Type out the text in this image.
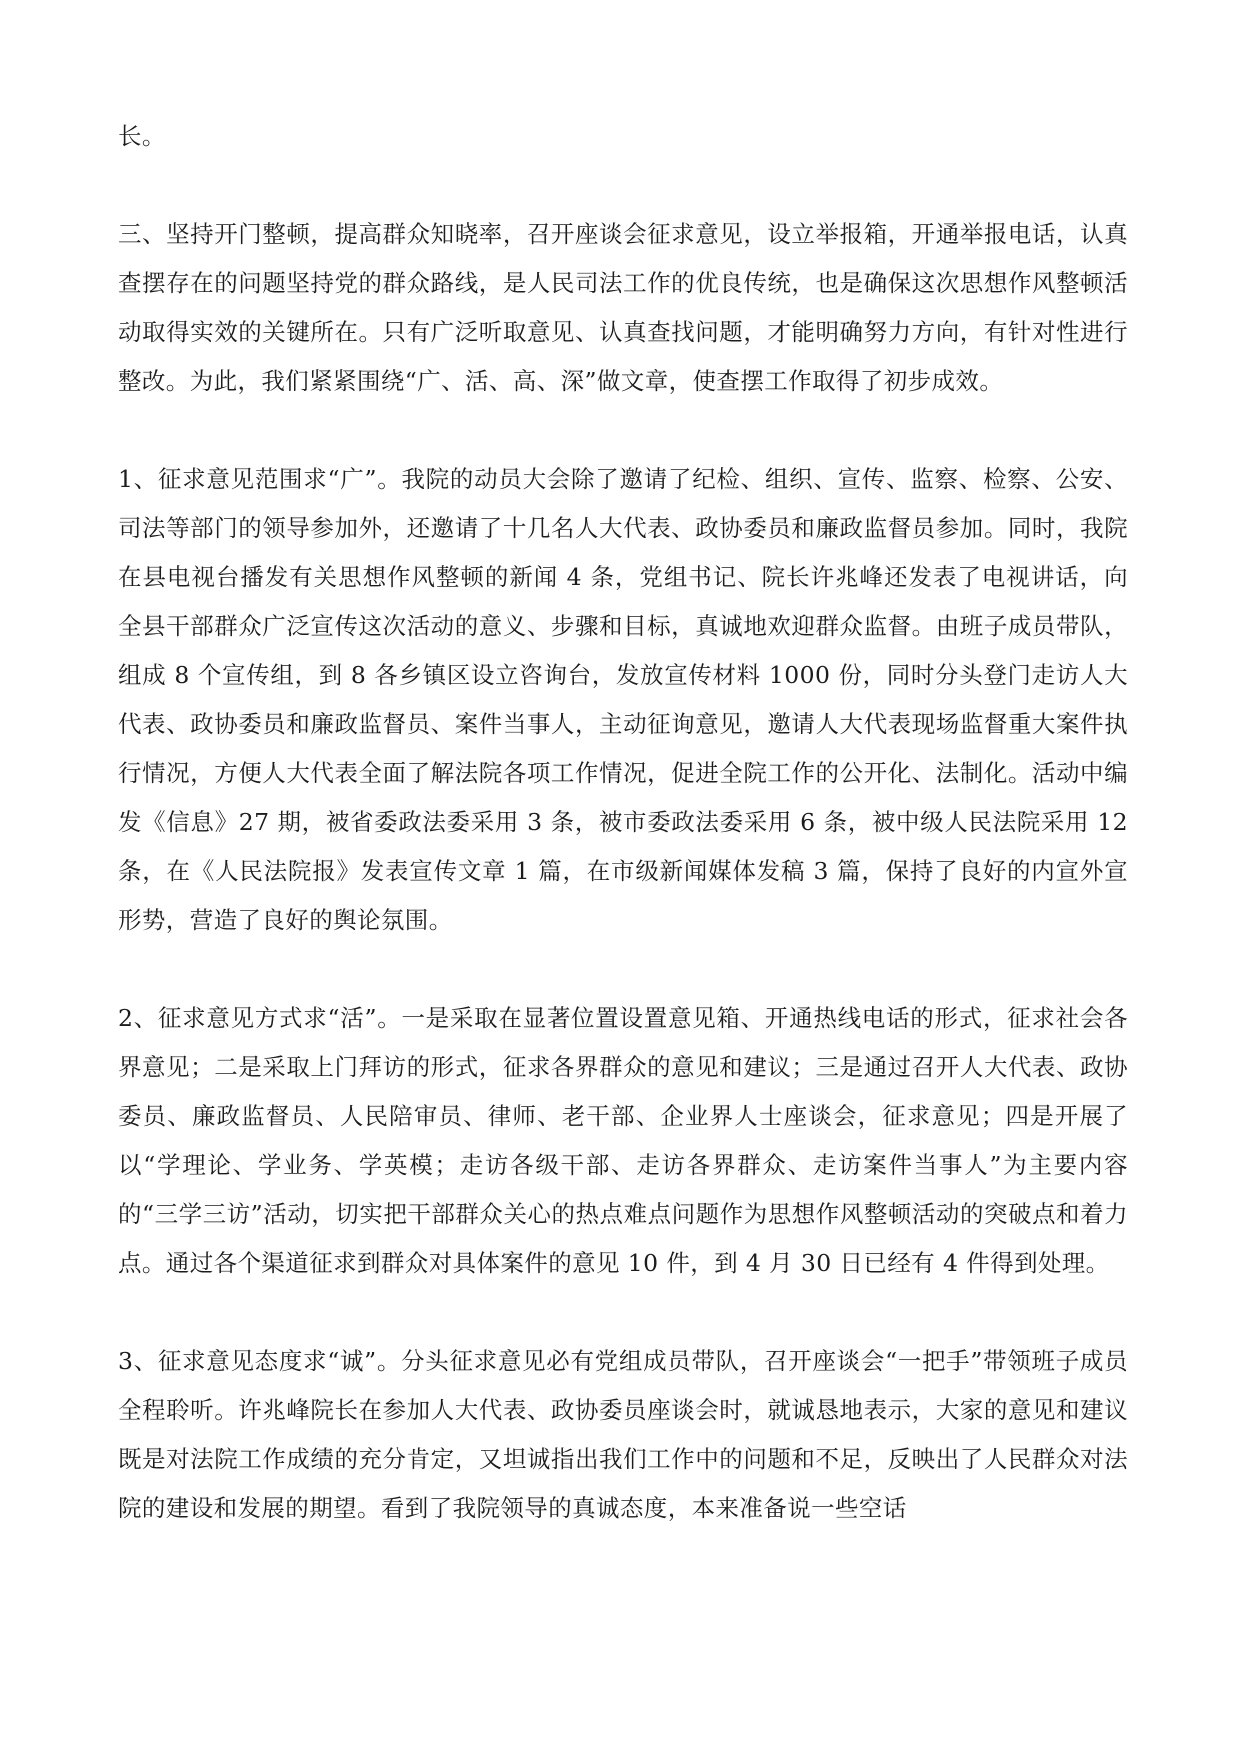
长。

三、坚持开门整顿，提高群众知晓率，召开座谈会征求意见，设立举报箱，开通举报电话，认真查摆存在的问题坚持党的群众路线，是人民司法工作的优良传统，也是确保这次思想作风整顿活动取得实效的关键所在。只有广泛听取意见、认真查找问题，才能明确努力方向，有针对性进行整改。为此，我们紧紧围绕“广、活、高、深”做文章，使查摆工作取得了初步成效。

1、征求意见范围求“广”。我院的动员大会除了邀请了纪检、组织、宣传、监察、检察、公安、司法等部门的领导参加外，还邀请了十几名人大代表、政协委员和廉政监督员参加。同时，我院在县电视台播发有关思想作风整顿的新闻 4 条，党组书记、院长许兆峰还发表了电视讲话，向全县干部群众广泛宣传这次活动的意义、步骤和目标，真诚地欢迎群众监督。由班子成员带队，组成 8 个宣传组，到 8 各乡镇区设立咨询台，发放宣传材料 1000 份，同时分头登门走访人大代表、政协委员和廉政监督员、案件当事人，主动征询意见，邀请人大代表现场监督重大案件执行情况，方便人大代表全面了解法院各项工作情况，促进全院工作的公开化、法制化。活动中编发《信息》27 期，被省委政法委采用 3 条，被市委政法委采用 6 条，被中级人民法院采用 12 条，在《人民法院报》发表宣传文章 1 篇，在市级新闻媒体发稿 3 篇，保持了良好的内宣外宣形势，营造了良好的舆论氛围。

2、征求意见方式求“活”。一是采取在显著位置设置意见箱、开通热线电话的形式，征求社会各界意见；二是采取上门拜访的形式，征求各界群众的意见和建议；三是通过召开人大代表、政协委员、廉政监督员、人民陪审员、律师、老干部、企业界人士座谈会，征求意见；四是开展了以“学理论、学业务、学英模；走访各级干部、走访各界群众、走访案件当事人”为主要内容的“三学三访”活动，切实把干部群众关心的热点难点问题作为思想作风整顿活动的突破点和着力点。通过各个渠道征求到群众对具体案件的意见 10 件，到 4 月 30 日已经有 4 件得到处理。

3、征求意见态度求“诚”。分头征求意见必有党组成员带队，召开座谈会“一把手”带领班子成员全程聆听。许兆峰院长在参加人大代表、政协委员座谈会时，就诚恳地表示，大家的意见和建议既是对法院工作成绩的充分肯定，又坦诚指出我们工作中的问题和不足，反映出了人民群众对法院的建设和发展的期望。看到了我院领导的真诚态度，本来准备说一些空话
